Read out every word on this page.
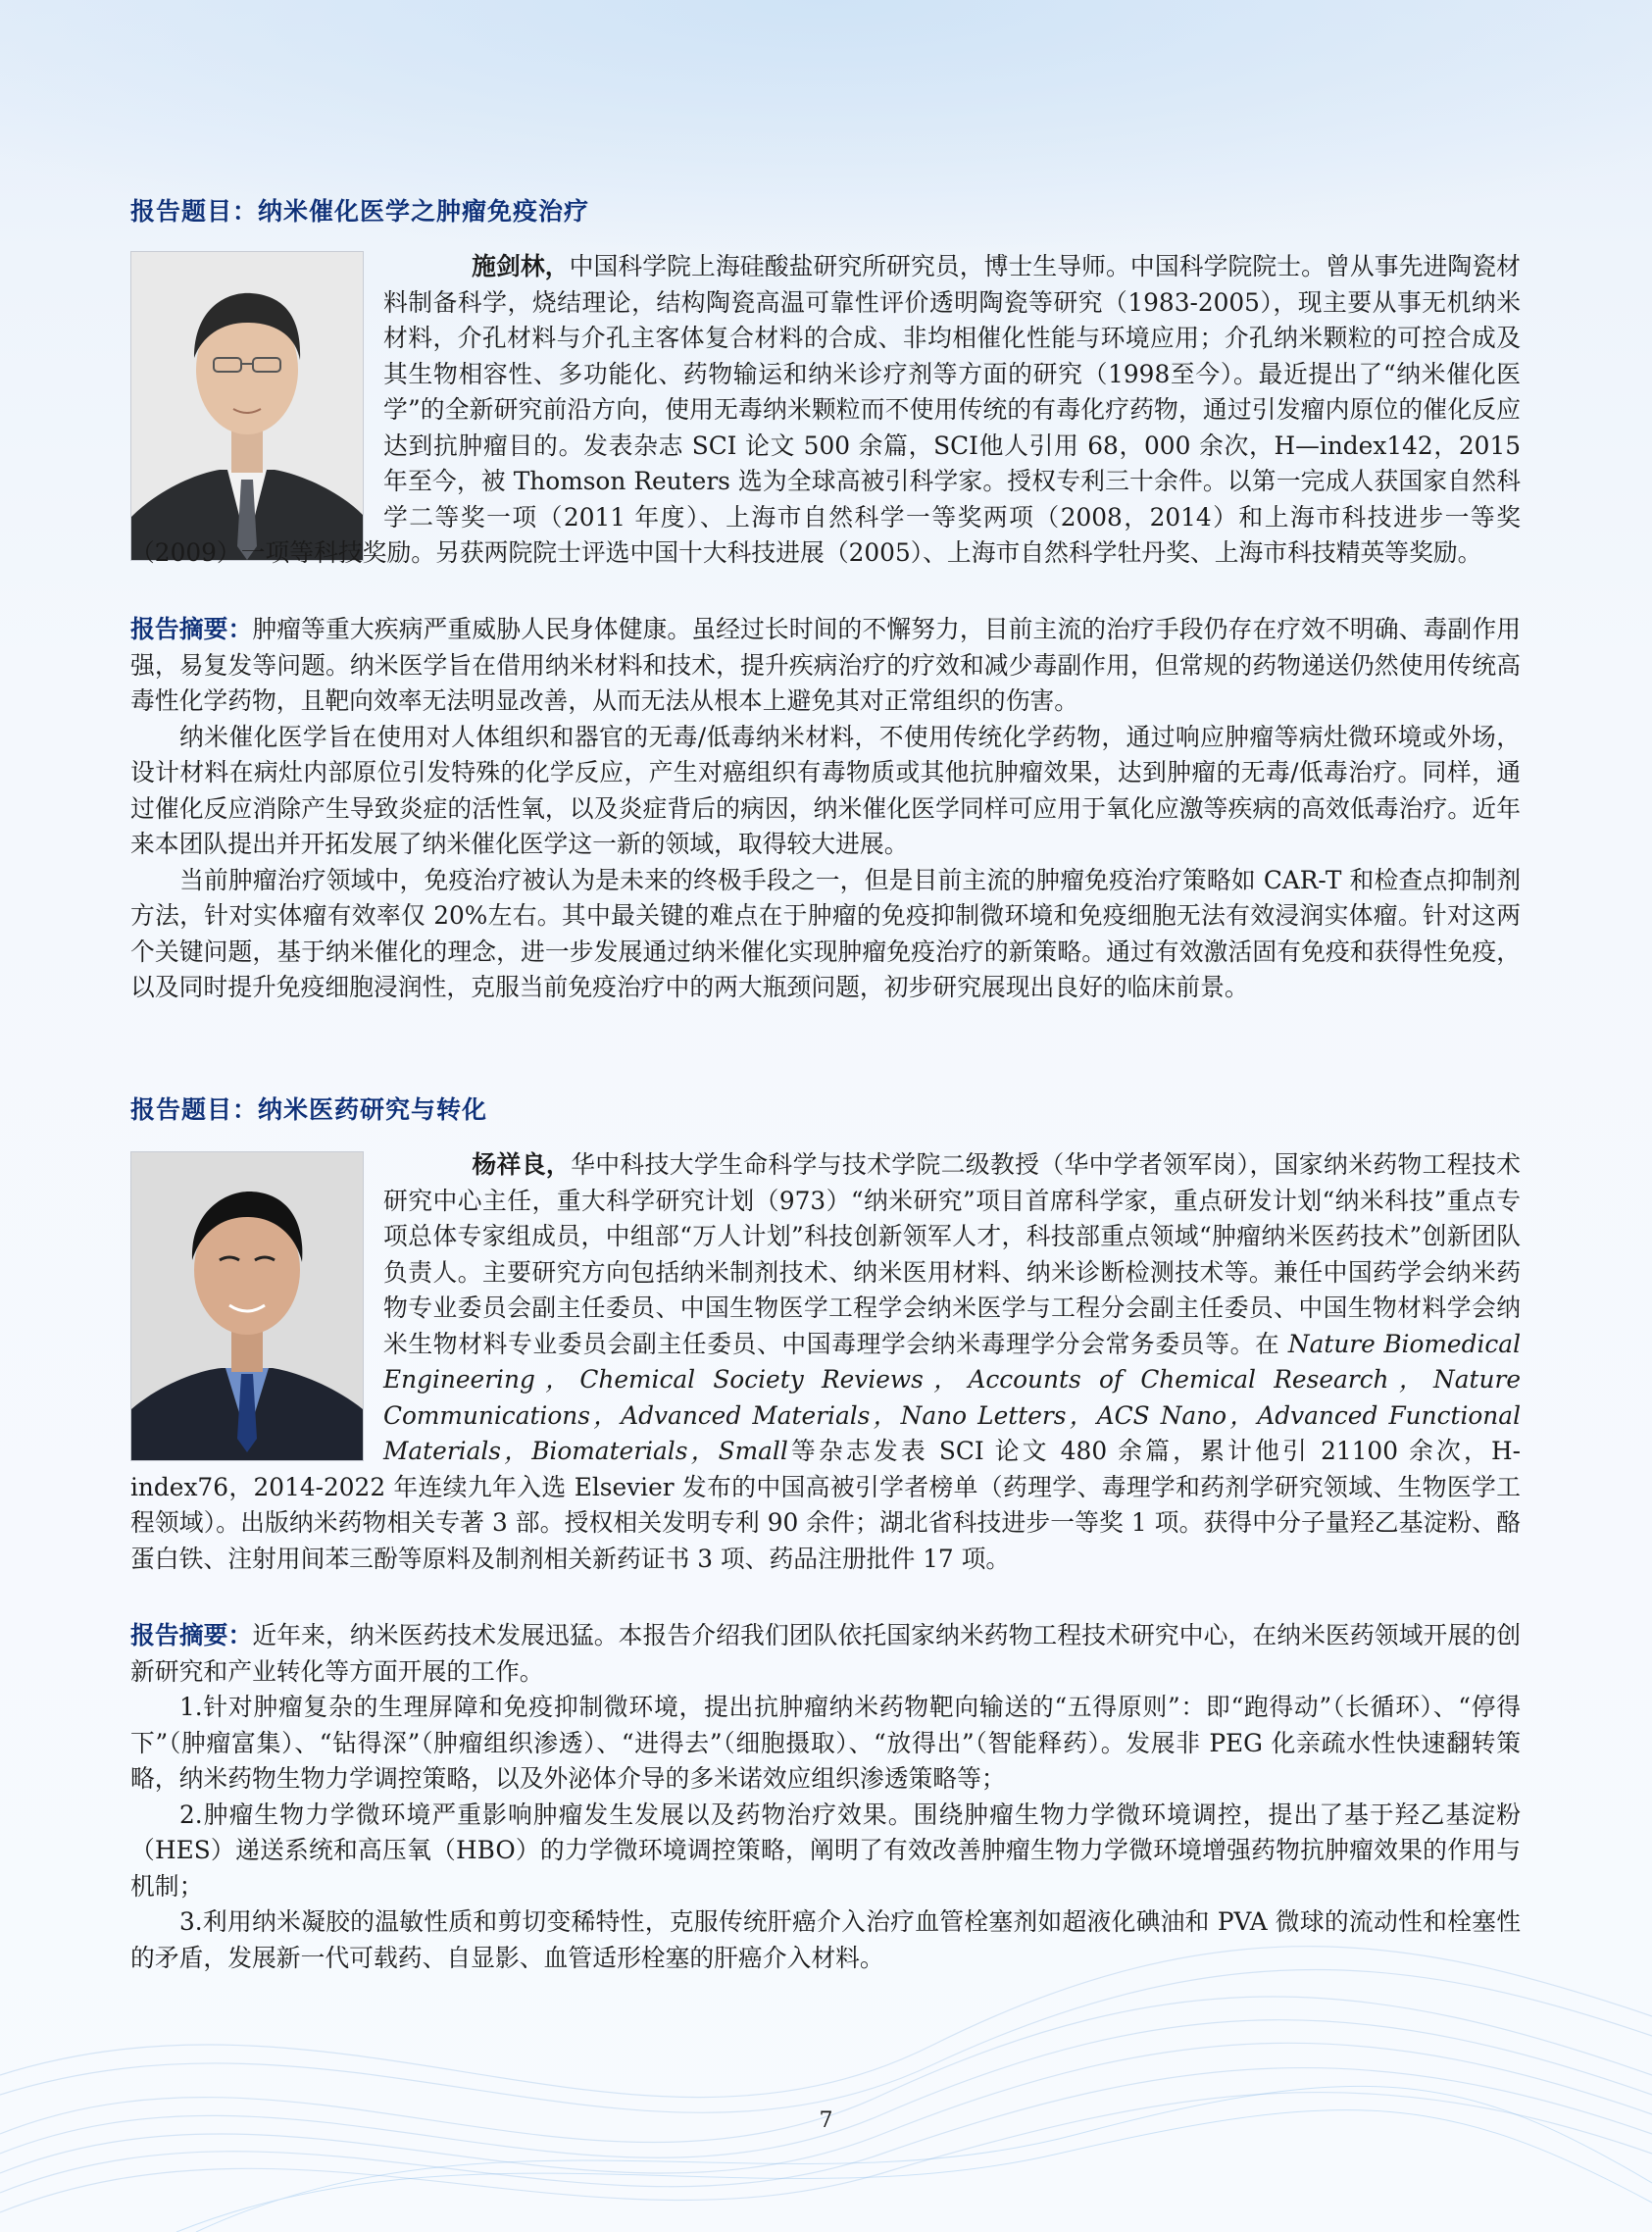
报告题目：纳米催化医学之肿瘤免疫治疗

施剑林，中国科学院上海硅酸盐研究所研究员，博士生导师。中国科学院院士。曾从事先进陶瓷材料制备科学，烧结理论，结构陶瓷高温可靠性评价透明陶瓷等研究（1983-2005），现主要从事无机纳米材料，介孔材料与介孔主客体复合材料的合成、非均相催化性能与环境应用；介孔纳米颗粒的可控合成及其生物相容性、多功能化、药物输运和纳米诊疗剂等方面的研究（1998至今）。最近提出了“纳米催化医学”的全新研究前沿方向，使用无毒纳米颗粒而不使用传统的有毒化疗药物，通过引发瘤内原位的催化反应达到抗肿瘤目的。发表杂志 SCI 论文 500 余篇，SCI他人引用 68，000 余次，H—index142，2015 年至今，被 Thomson Reuters 选为全球高被引科学家。授权专利三十余件。以第一完成人获国家自然科学二等奖一项（2011 年度）、上海市自然科学一等奖两项（2008，2014）和上海市科技进步一等奖（2009）一项等科技奖励。另获两院院士评选中国十大科技进展（2005）、上海市自然科学牡丹奖、上海市科技精英等奖励。

报告摘要：肿瘤等重大疾病严重威胁人民身体健康。虽经过长时间的不懈努力，目前主流的治疗手段仍存在疗效不明确、毒副作用强，易复发等问题。纳米医学旨在借用纳米材料和技术，提升疾病治疗的疗效和减少毒副作用，但常规的药物递送仍然使用传统高毒性化学药物，且靶向效率无法明显改善，从而无法从根本上避免其对正常组织的伤害。

纳米催化医学旨在使用对人体组织和器官的无毒/低毒纳米材料，不使用传统化学药物，通过响应肿瘤等病灶微环境或外场，设计材料在病灶内部原位引发特殊的化学反应，产生对癌组织有毒物质或其他抗肿瘤效果，达到肿瘤的无毒/低毒治疗。同样，通过催化反应消除产生导致炎症的活性氧，以及炎症背后的病因，纳米催化医学同样可应用于氧化应激等疾病的高效低毒治疗。近年来本团队提出并开拓发展了纳米催化医学这一新的领域，取得较大进展。

当前肿瘤治疗领域中，免疫治疗被认为是未来的终极手段之一，但是目前主流的肿瘤免疫治疗策略如 CAR-T 和检查点抑制剂方法，针对实体瘤有效率仅 20%左右。其中最关键的难点在于肿瘤的免疫抑制微环境和免疫细胞无法有效浸润实体瘤。针对这两个关键问题，基于纳米催化的理念，进一步发展通过纳米催化实现肿瘤免疫治疗的新策略。通过有效激活固有免疫和获得性免疫，以及同时提升免疫细胞浸润性，克服当前免疫治疗中的两大瓶颈问题，初步研究展现出良好的临床前景。

报告题目：纳米医药研究与转化

杨祥良，华中科技大学生命科学与技术学院二级教授（华中学者领军岗），国家纳米药物工程技术研究中心主任，重大科学研究计划（973）“纳米研究”项目首席科学家，重点研发计划“纳米科技”重点专项总体专家组成员，中组部“万人计划”科技创新领军人才，科技部重点领域“肿瘤纳米医药技术”创新团队负责人。主要研究方向包括纳米制剂技术、纳米医用材料、纳米诊断检测技术等。兼任中国药学会纳米药物专业委员会副主任委员、中国生物医学工程学会纳米医学与工程分会副主任委员、中国生物材料学会纳米生物材料专业委员会副主任委员、中国毒理学会纳米毒理学分会常务委员等。在 Nature Biomedical Engineering，Chemical Society Reviews，Accounts of Chemical Research，Nature Communications，Advanced Materials，Nano Letters，ACS Nano，Advanced Functional Materials，Biomaterials，Small等杂志发表 SCI 论文 480 余篇，累计他引 21100 余次，H-index76，2014-2022 年连续九年入选 Elsevier 发布的中国高被引学者榜单（药理学、毒理学和药剂学研究领域、生物医学工程领域）。出版纳米药物相关专著 3 部。授权相关发明专利 90 余件；湖北省科技进步一等奖 1 项。获得中分子量羟乙基淀粉、酪蛋白铁、注射用间苯三酚等原料及制剂相关新药证书 3 项、药品注册批件 17 项。

报告摘要：近年来，纳米医药技术发展迅猛。本报告介绍我们团队依托国家纳米药物工程技术研究中心，在纳米医药领域开展的创新研究和产业转化等方面开展的工作。

1.针对肿瘤复杂的生理屏障和免疫抑制微环境，提出抗肿瘤纳米药物靶向输送的“五得原则”：即“跑得动”（长循环）、“停得下”（肿瘤富集）、“钻得深”（肿瘤组织渗透）、“进得去”（细胞摄取）、“放得出”（智能释药）。发展非 PEG 化亲疏水性快速翻转策略，纳米药物生物力学调控策略，以及外泌体介导的多米诺效应组织渗透策略等；

2.肿瘤生物力学微环境严重影响肿瘤发生发展以及药物治疗效果。围绕肿瘤生物力学微环境调控，提出了基于羟乙基淀粉（HES）递送系统和高压氧（HBO）的力学微环境调控策略，阐明了有效改善肿瘤生物力学微环境增强药物抗肿瘤效果的作用与机制；

3.利用纳米凝胶的温敏性质和剪切变稀特性，克服传统肝癌介入治疗血管栓塞剂如超液化碘油和 PVA 微球的流动性和栓塞性的矛盾，发展新一代可载药、自显影、血管适形栓塞的肝癌介入材料。

7
